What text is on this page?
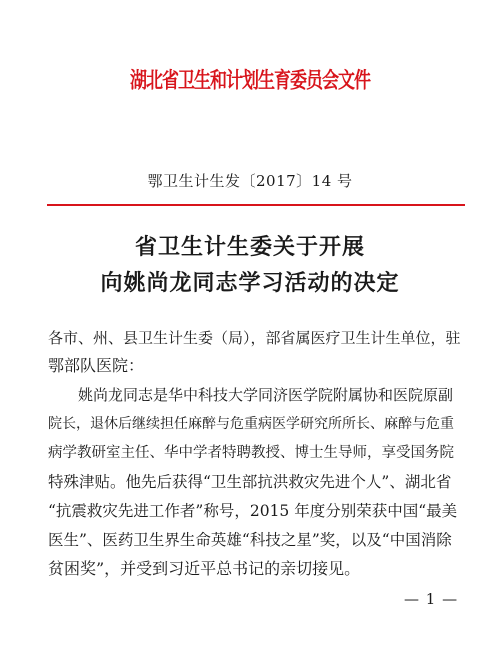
湖北省卫生和计划生育委员会文件
鄂卫生计生发〔2017〕14 号
省卫生计生委关于开展
向姚尚龙同志学习活动的决定
各市、州、县卫生计生委（局），部省属医疗卫生计生单位，驻
鄂部队医院：
　　姚尚龙同志是华中科技大学同济医学院附属协和医院原副
院长，退休后继续担任麻醉与危重病医学研究所所长、麻醉与危重
病学教研室主任、华中学者特聘教授、博士生导师，享受国务院
特殊津贴。他先后获得“卫生部抗洪救灾先进个人”、湖北省
“抗震救灾先进工作者”称号，2015 年度分别荣获中国“最美
医生”、医药卫生界生命英雄“科技之星”奖，以及“中国消除
贫困奖”，并受到习近平总书记的亲切接见。
— 1 —
